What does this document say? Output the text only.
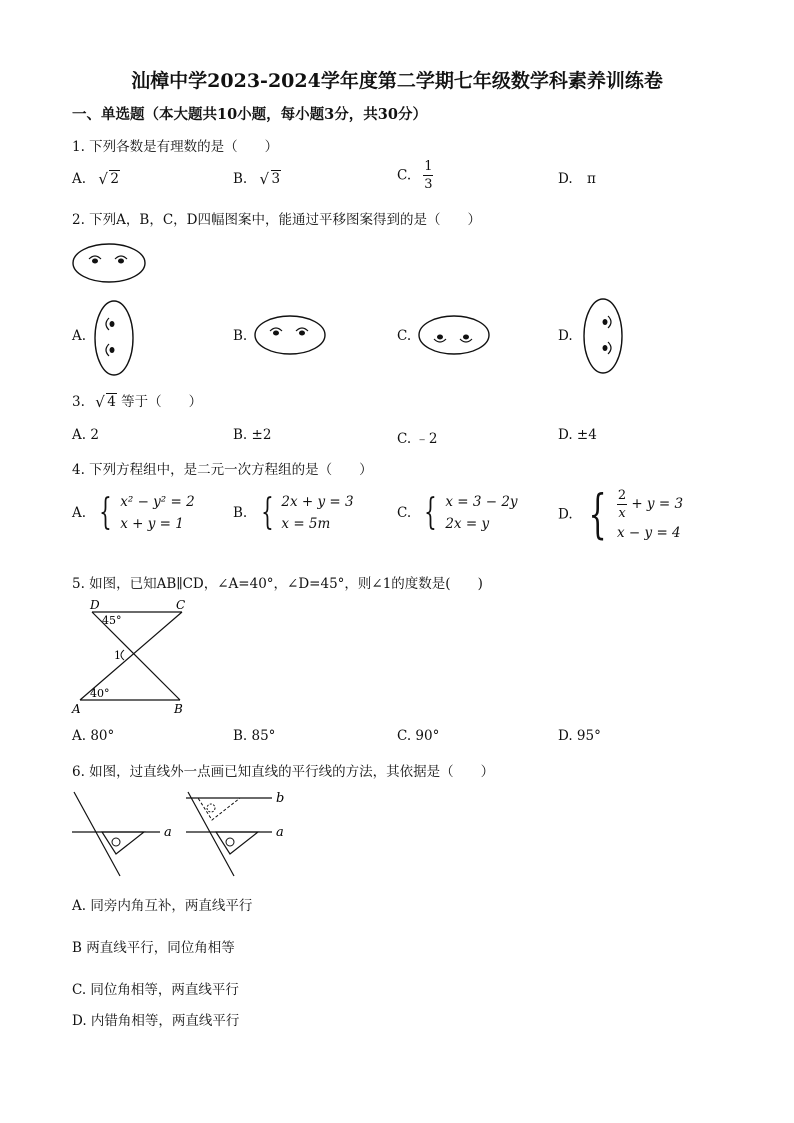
汕樟中学2023-2024学年度第二学期七年级数学科素养训练卷
一、单选题（本大题共10小题，每小题3分，共30分）
1. 下列各数是有理数的是（　　）
A. √ 2	B. √ 3	C. $\frac{1}{3}$	D. π
2. 下列A，B，C，D四幅图案中，能通过平移图案得到的是（　　）
A.	B.	C.	D.
3. √ 4 等于（　　）
A. 2	B. ±2	C. ﹣2	D. ±4
4. 下列方程组中，是二元一次方程组的是（　　）
A. { x² − y² = 2
x + y = 1
B. { 2x + y = 3
x = 5m
C. { x = 3 − 2y
2x = y
D. { $\frac{2}{x} + y = 3$
x − y = 4
5. 如图，已知AB∥CD，∠A=40°，∠D=45°，则∠1的度数是(　　)
D	C
A	B
45°
40°
1
A. 80°	B. 85°	C. 90°	D. 95°
6. 如图，过直线外一点画已知直线的平行线的方法，其依据是（　　）
a
b
a
A. 同旁内角互补，两直线平行
B 两直线平行，同位角相等
C. 同位角相等，两直线平行
D. 内错角相等，两直线平行
